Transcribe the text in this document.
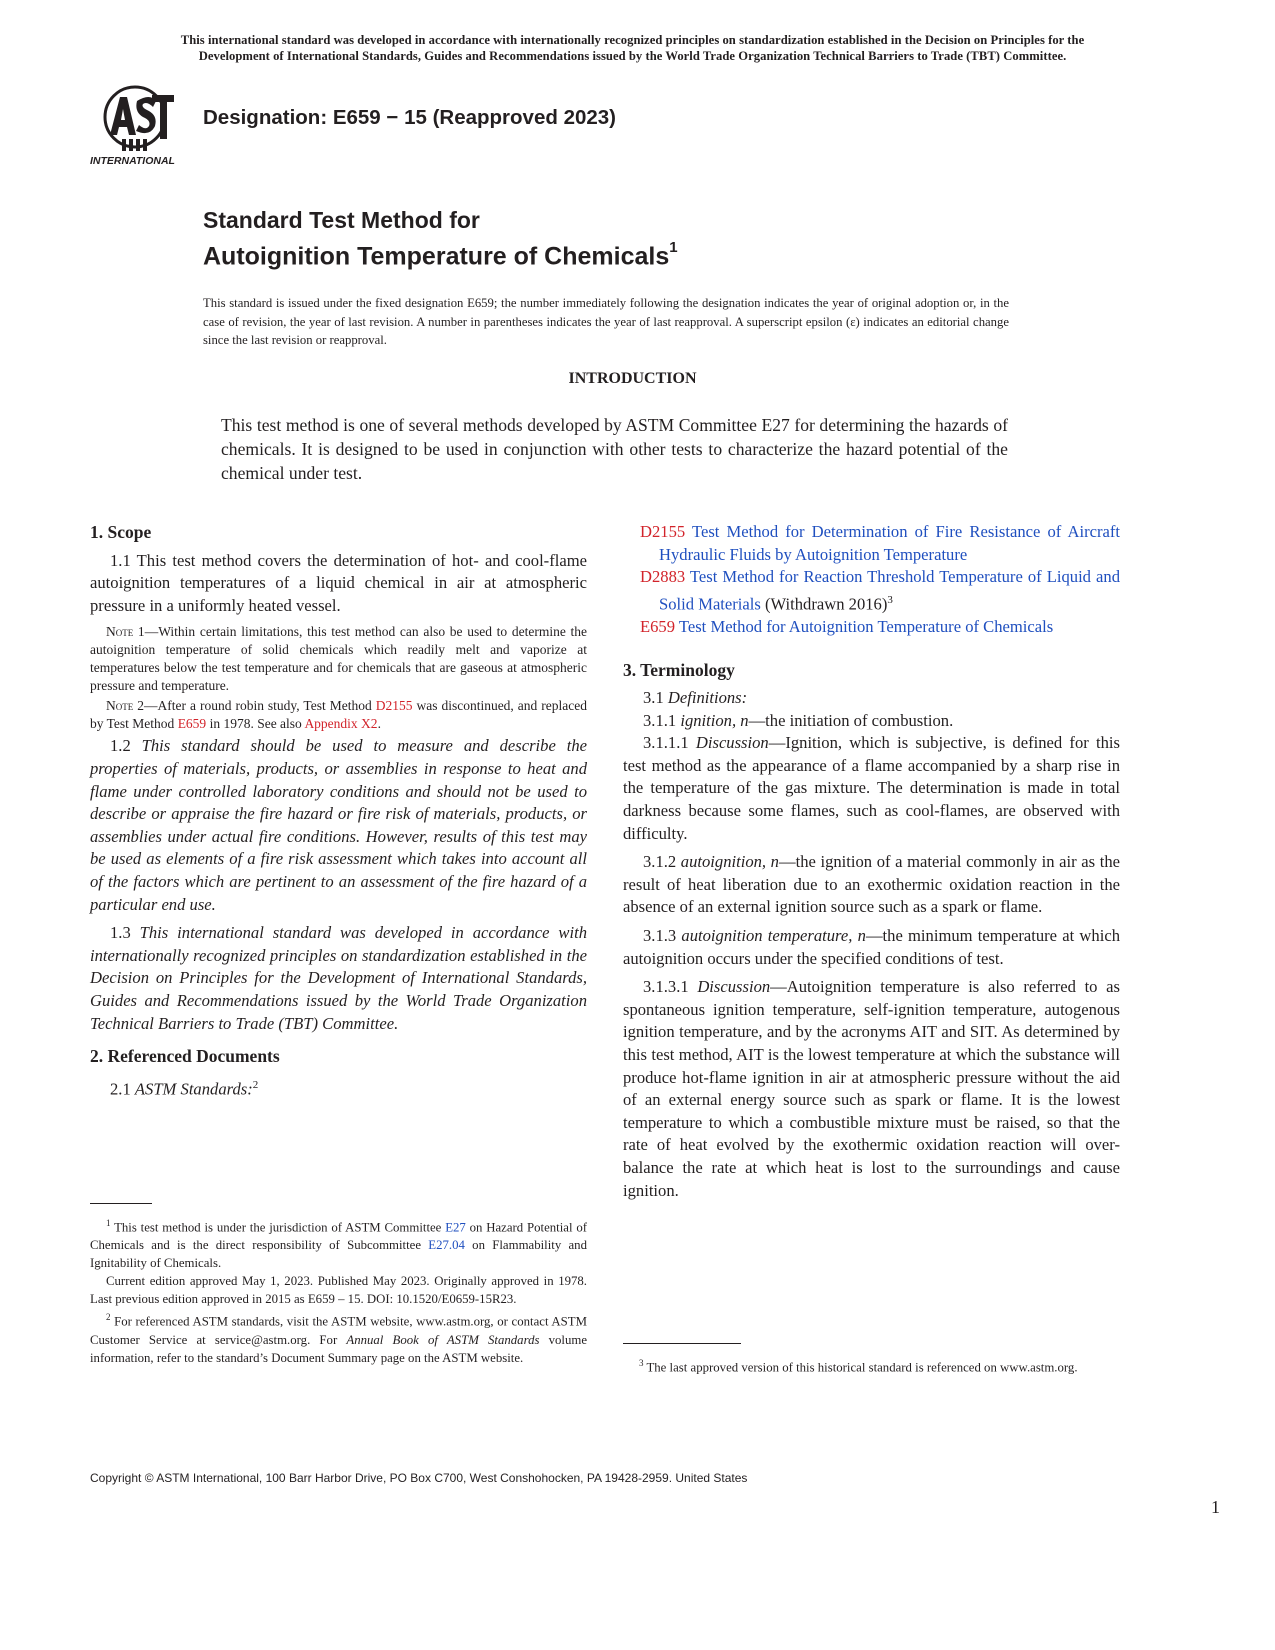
This international standard was developed in accordance with internationally recognized principles on standardization established in the Decision on Principles for the
Development of International Standards, Guides and Recommendations issued by the World Trade Organization Technical Barriers to Trade (TBT) Committee.
INTERNATIONAL
Designation: E659 − 15 (Reapproved 2023)
Standard Test Method for
Autoignition Temperature of Chemicals$^1$
This standard is issued under the fixed designation E659; the number immediately following the designation indicates the year of original adoption or, in the case of revision, the year of last revision. A number in parentheses indicates the year of last reapproval. A superscript epsilon (ε) indicates an editorial change since the last revision or reapproval.
INTRODUCTION
This test method is one of several methods developed by ASTM Committee E27 for determining the hazards of chemicals. It is designed to be used in conjunction with other tests to characterize the hazard potential of the chemical under test.
1. Scope

1.1 This test method covers the determination of hot- and cool-flame autoignition temperatures of a liquid chemical in air at atmospheric pressure in a uniformly heated vessel.

Note 1—Within certain limitations, this test method can also be used to determine the autoignition temperature of solid chemicals which readily melt and vaporize at temperatures below the test temperature and for chemicals that are gaseous at atmospheric pressure and temperature.

Note 2—After a round robin study, Test Method D2155 was discontinued, and replaced by Test Method E659 in 1978. See also Appendix X2.

1.2 This standard should be used to measure and describe the properties of materials, products, or assemblies in response to heat and flame under controlled laboratory conditions and should not be used to describe or appraise the fire hazard or fire risk of materials, products, or assemblies under actual fire conditions. However, results of this test may be used as elements of a fire risk assessment which takes into account all of the factors which are pertinent to an assessment of the fire hazard of a particular end use.

1.3 This international standard was developed in accordance with internationally recognized principles on standardization established in the Decision on Principles for the Development of International Standards, Guides and Recommendations issued by the World Trade Organization Technical Barriers to Trade (TBT) Committee.

2. Referenced Documents

2.1 ASTM Standards:$^2$

$^1$ This test method is under the jurisdiction of ASTM Committee E27 on Hazard Potential of Chemicals and is the direct responsibility of Subcommittee E27.04 on Flammability and Ignitability of Chemicals.

Current edition approved May 1, 2023. Published May 2023. Originally approved in 1978. Last previous edition approved in 2015 as E659 – 15. DOI: 10.1520/E0659-15R23.

$^2$ For referenced ASTM standards, visit the ASTM website, www.astm.org, or contact ASTM Customer Service at service@astm.org. For Annual Book of ASTM Standards volume information, refer to the standard’s Document Summary page on the ASTM website.

D2155 Test Method for Determination of Fire Resistance of Aircraft Hydraulic Fluids by Autoignition Temperature

D2883 Test Method for Reaction Threshold Temperature of Liquid and Solid Materials (Withdrawn 2016)$^3$

E659 Test Method for Autoignition Temperature of Chemicals

3. Terminology

3.1 Definitions:

3.1.1 ignition, n—the initiation of combustion.

3.1.1.1 Discussion—Ignition, which is subjective, is defined for this test method as the appearance of a flame accompanied by a sharp rise in the temperature of the gas mixture. The determination is made in total darkness because some flames, such as cool-flames, are observed with difficulty.

3.1.2 autoignition, n—the ignition of a material commonly in air as the result of heat liberation due to an exothermic oxidation reaction in the absence of an external ignition source such as a spark or flame.

3.1.3 autoignition temperature, n—the minimum temperature at which autoignition occurs under the specified conditions of test.

3.1.3.1 Discussion—Autoignition temperature is also referred to as spontaneous ignition temperature, self-ignition temperature, autogenous ignition temperature, and by the acronyms AIT and SIT. As determined by this test method, AIT is the lowest temperature at which the substance will produce hot-flame ignition in air at atmospheric pressure without the aid of an external energy source such as spark or flame. It is the lowest temperature to which a combustible mixture must be raised, so that the rate of heat evolved by the exothermic oxidation reaction will over-balance the rate at which heat is lost to the surroundings and cause ignition.

$^3$ The last approved version of this historical standard is referenced on www.astm.org.

Copyright © ASTM International, 100 Barr Harbor Drive, PO Box C700, West Conshohocken, PA 19428-2959. United States
1
